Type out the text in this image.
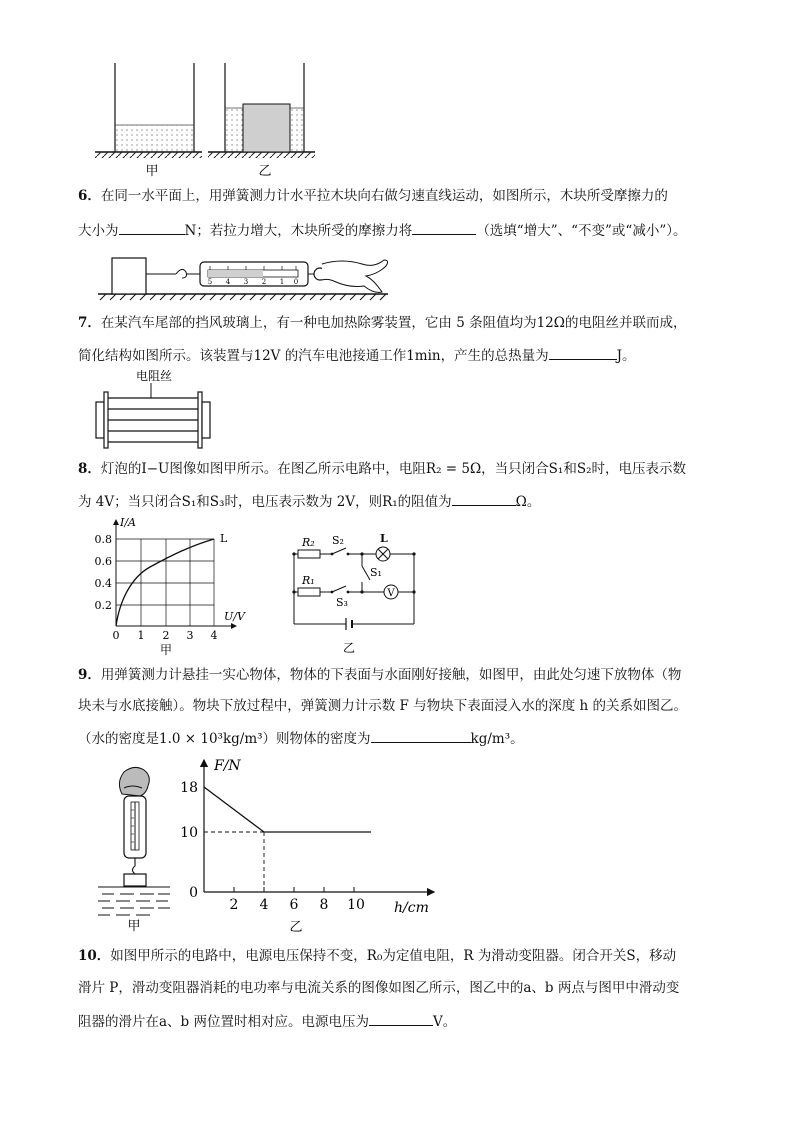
甲	乙
6．在同一水平面上，用弹簧测力计水平拉木块向右做匀速直线运动，如图所示，木块所受摩擦力的
大小为	N；若拉力增大，木块所受的摩擦力将	（选填“增大”、“不变”或“减小”）。
5 4 3 2 1 0
7．在某汽车尾部的挡风玻璃上，有一种电加热除雾装置，它由 5 条阻值均为12Ω的电阻丝并联而成，
简化结构如图所示。该装置与12V 的汽车电池接通工作1min，产生的总热量为	J。
电阻丝
8．灯泡的I−U图像如图甲所示。在图乙所示电路中，电阻R₂ = 5Ω，当只闭合S₁和S₂时，电压表示数
为 4V；当只闭合S₁和S₃时，电压表示数为 2V，则R₁的阻值为	Ω。
I/A
L
U/V
0.8
0.6
0.4
0.2
0 1 2 3 4
甲
R₂ S₂	L
S₁
R₁
V
S₃
乙
9．用弹簧测力计悬挂一实心物体，物体的下表面与水面刚好接触，如图甲，由此处匀速下放物体（物
块未与水底接触）。物块下放过程中，弹簧测力计示数 F 与物块下表面浸入水的深度 h 的关系如图乙。
（水的密度是1.0 × 10³kg/m³）则物体的密度为	kg/m³。
甲
F/N
18
10
0
2 4 6 8 10 h/cm
乙
10．如图甲所示的电路中，电源电压保持不变，R₀为定值电阻，R 为滑动变阻器。闭合开关S，移动
滑片 P，滑动变阻器消耗的电功率与电流关系的图像如图乙所示，图乙中的a、b 两点与图甲中滑动变
阻器的滑片在a、b 两位置时相对应。电源电压为	V。
